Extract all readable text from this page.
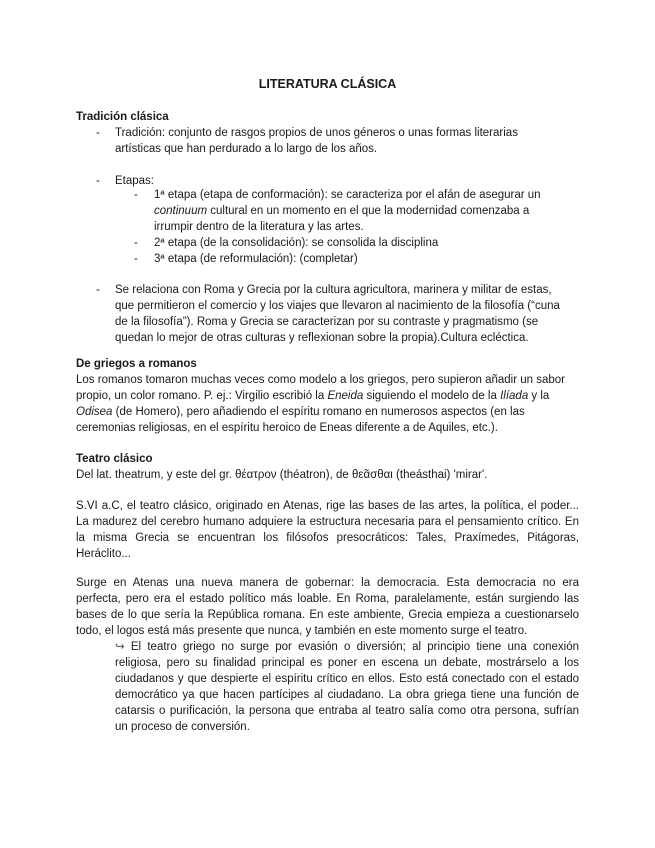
LITERATURA CLÁSICA
Tradición clásica
- Tradición: conjunto de rasgos propios de unos géneros o unas formas literarias artísticas que han perdurado a lo largo de los años.
- Etapas:
- 1ª etapa (etapa de conformación): se caracteriza por el afán de asegurar un continuum cultural en un momento en el que la modernidad comenzaba a irrumpir dentro de la literatura y las artes.
- 2ª etapa (de la consolidación): se consolida la disciplina
- 3ª etapa (de reformulación): (completar)
- Se relaciona con Roma y Grecia por la cultura agricultora, marinera y militar de estas, que permitieron el comercio y los viajes que llevaron al nacimiento de la filosofía (“cuna de la filosofía”). Roma y Grecia se caracterizan por su contraste y pragmatismo (se quedan lo mejor de otras culturas y reflexionan sobre la propia).Cultura ecléctica.
De griegos a romanos
Los romanos tomaron muchas veces como modelo a los griegos, pero supieron añadir un sabor propio, un color romano. P. ej.: Virgilio escribió la Eneida siguiendo el modelo de la Ilíada y la Odisea (de Homero), pero añadiendo el espíritu romano en numerosos aspectos (en las ceremonias religiosas, en el espíritu heroico de Eneas diferente a de Aquiles, etc.).
Teatro clásico
Del lat. theatrum, y este del gr. θέατρον (théatron), de θεᾶσθαι (theásthai) 'mirar'.
S.VI a.C, el teatro clásico, originado en Atenas, rige las bases de las artes, la política, el poder... La madurez del cerebro humano adquiere la estructura necesaria para el pensamiento crítico. En la misma Grecia se encuentran los filósofos presocráticos: Tales, Praxímedes, Pitágoras, Heráclito...
Surge en Atenas una nueva manera de gobernar: la democracia. Esta democracia no era perfecta, pero era el estado político más loable. En Roma, paralelamente, están surgiendo las bases de lo que sería la República romana. En este ambiente, Grecia empieza a cuestionarselo todo, el logos está más presente que nunca, y también en este momento surge el teatro.
↪ El teatro griego no surge por evasión o diversión; al principio tiene una conexión religiosa, pero su finalidad principal es poner en escena un debate, mostrárselo a los ciudadanos y que despierte el espíritu crítico en ellos. Esto está conectado con el estado democrático ya que hacen partícipes al ciudadano. La obra griega tiene una función de catarsis o purificación, la persona que entraba al teatro salía como otra persona, sufrían un proceso de conversión.
